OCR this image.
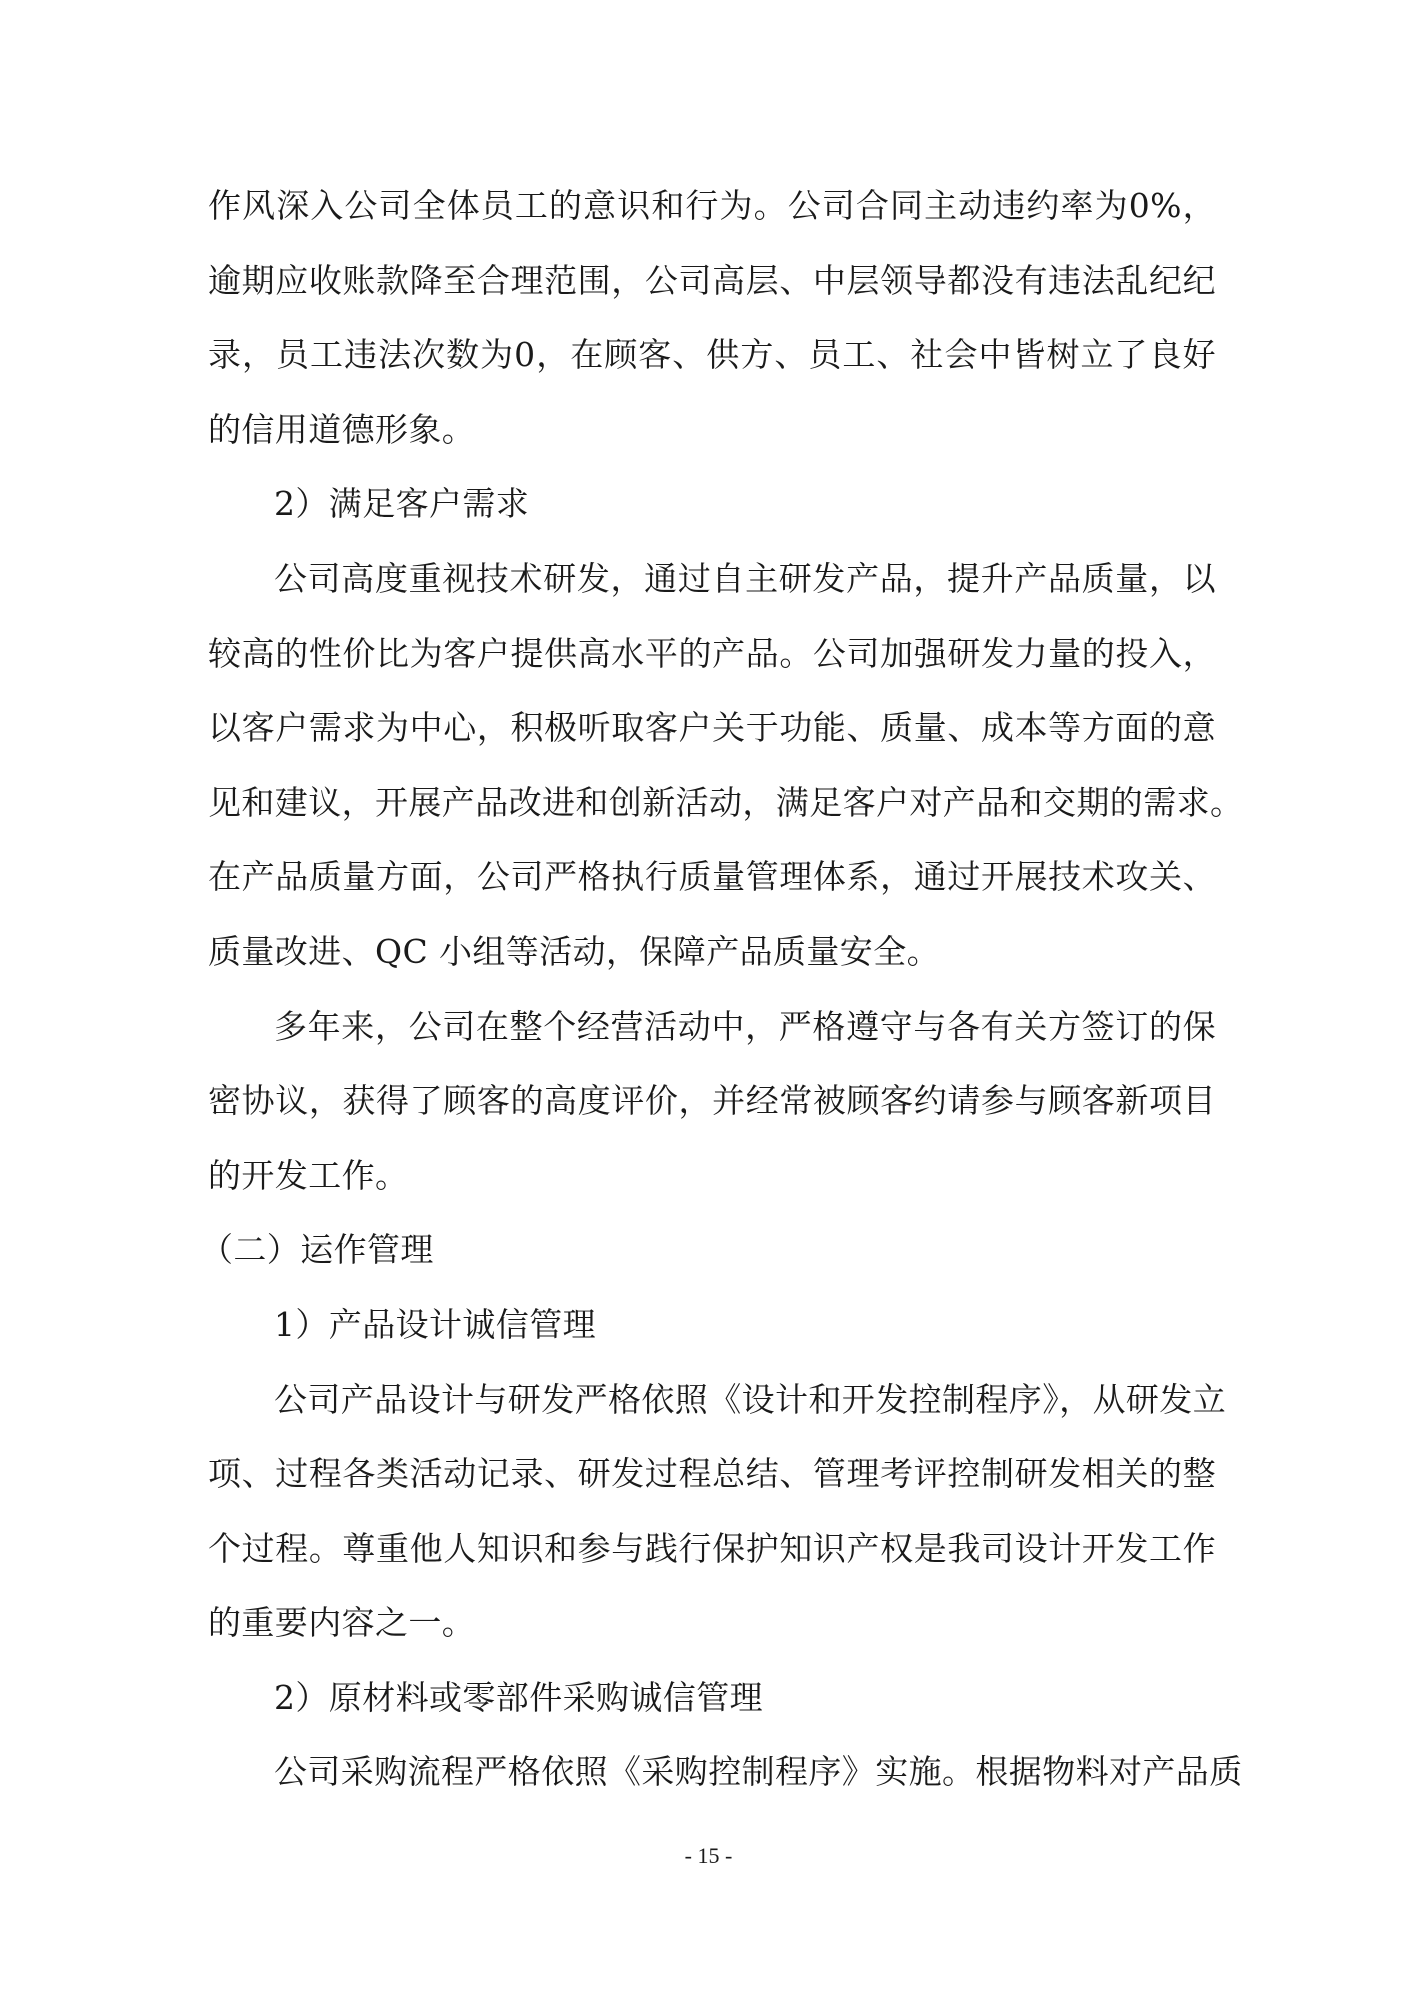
作风深入公司全体员工的意识和行为。公司合同主动违约率为0%，
逾期应收账款降至合理范围，公司高层、中层领导都没有违法乱纪纪
录，员工违法次数为0，在顾客、供方、员工、社会中皆树立了良好
的信用道德形象。
2）满足客户需求
公司高度重视技术研发，通过自主研发产品，提升产品质量，以
较高的性价比为客户提供高水平的产品。公司加强研发力量的投入，
以客户需求为中心，积极听取客户关于功能、质量、成本等方面的意
见和建议，开展产品改进和创新活动，满足客户对产品和交期的需求。
在产品质量方面，公司严格执行质量管理体系，通过开展技术攻关、
质量改进、QC 小组等活动，保障产品质量安全。
多年来，公司在整个经营活动中，严格遵守与各有关方签订的保
密协议，获得了顾客的高度评价，并经常被顾客约请参与顾客新项目
的开发工作。
（二）运作管理
1）产品设计诚信管理
公司产品设计与研发严格依照《设计和开发控制程序》，从研发立
项、过程各类活动记录、研发过程总结、管理考评控制研发相关的整
个过程。尊重他人知识和参与践行保护知识产权是我司设计开发工作
的重要内容之一。
2）原材料或零部件采购诚信管理
公司采购流程严格依照《采购控制程序》实施。根据物料对产品质
- 15 -
